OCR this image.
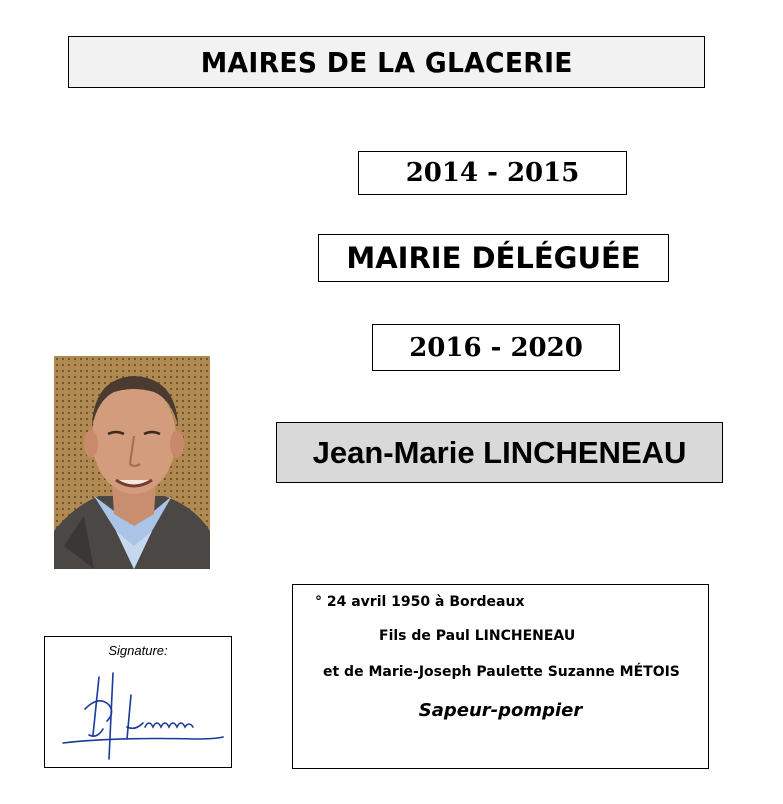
MAIRES DE LA GLACERIE
2014 - 2015
MAIRIE DÉLÉGUÉE
2016 - 2020
Jean-Marie LINCHENEAU
Signature:
° 24 avril 1950 à Bordeaux
Fils de Paul LINCHENEAU
et de Marie-Joseph Paulette Suzanne MÉTOIS
Sapeur-pompier
